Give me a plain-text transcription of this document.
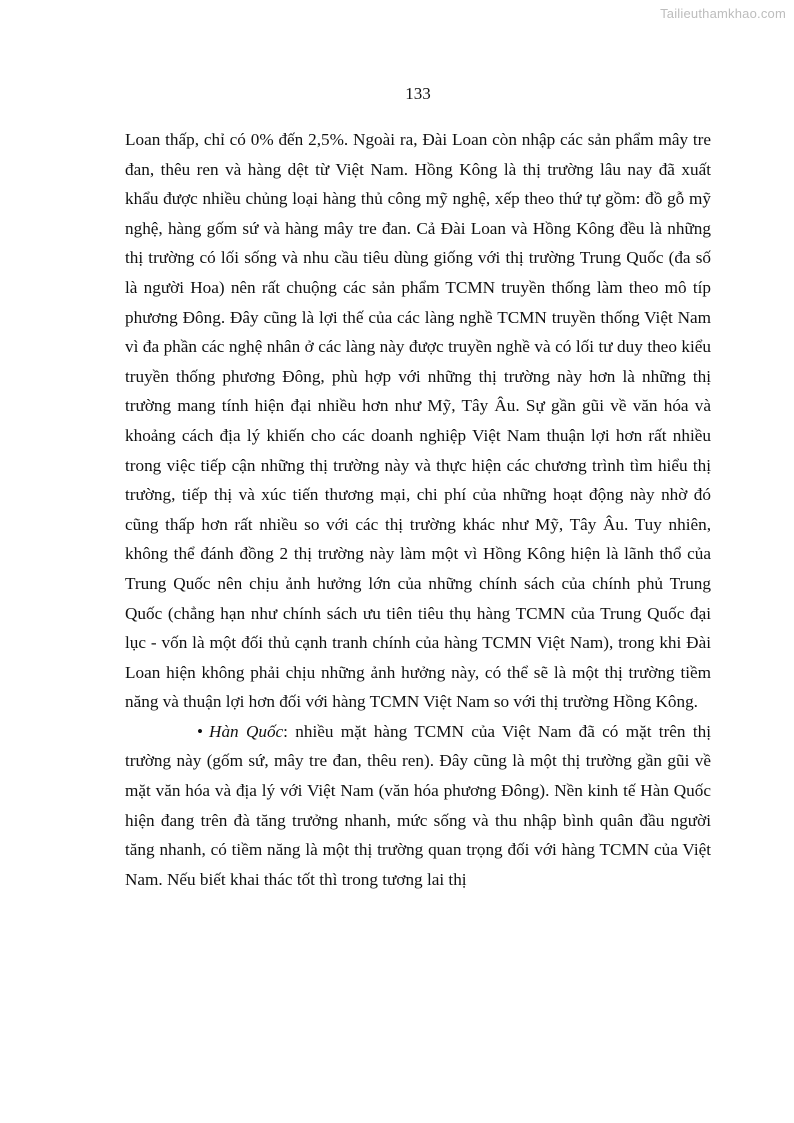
Tailieuthamkhao.com
133

Loan thấp, chỉ có 0% đến 2,5%. Ngoài ra, Đài Loan còn nhập các sản phẩm mây tre đan, thêu ren và hàng dệt từ Việt Nam. Hồng Kông là thị trường lâu nay đã xuất khẩu được nhiều chủng loại hàng thủ công mỹ nghệ, xếp theo thứ tự gồm: đồ gỗ mỹ nghệ, hàng gốm sứ và hàng mây tre đan. Cả Đài Loan và Hồng Kông đều là những thị trường có lối sống và nhu cầu tiêu dùng giống với thị trường Trung Quốc (đa số là người Hoa) nên rất chuộng các sản phẩm TCMN truyền thống làm theo mô típ phương Đông. Đây cũng là lợi thế của các làng nghề TCMN truyền thống Việt Nam vì đa phần các nghệ nhân ở các làng này được truyền nghề và có lối tư duy theo kiểu truyền thống phương Đông, phù hợp với những thị trường này hơn là những thị trường mang tính hiện đại nhiều hơn như Mỹ, Tây Âu. Sự gần gũi về văn hóa và khoảng cách địa lý khiến cho các doanh nghiệp Việt Nam thuận lợi hơn rất nhiều trong việc tiếp cận những thị trường này và thực hiện các chương trình tìm hiểu thị trường, tiếp thị và xúc tiến thương mại, chi phí của những hoạt động này nhờ đó cũng thấp hơn rất nhiều so với các thị trường khác như Mỹ, Tây Âu. Tuy nhiên, không thể đánh đồng 2 thị trường này làm một vì Hồng Kông hiện là lãnh thổ của Trung Quốc nên chịu ảnh hưởng lớn của những chính sách của chính phủ Trung Quốc (chẳng hạn như chính sách ưu tiên tiêu thụ hàng TCMN của Trung Quốc đại lục - vốn là một đối thủ cạnh tranh chính của hàng TCMN Việt Nam), trong khi Đài Loan hiện không phải chịu những ảnh hưởng này, có thể sẽ là một thị trường tiềm năng và thuận lợi hơn đối với hàng TCMN Việt Nam so với thị trường Hồng Kông.

• Hàn Quốc: nhiều mặt hàng TCMN của Việt Nam đã có mặt trên thị trường này (gốm sứ, mây tre đan, thêu ren). Đây cũng là một thị trường gần gũi về mặt văn hóa và địa lý với Việt Nam (văn hóa phương Đông). Nền kinh tế Hàn Quốc hiện đang trên đà tăng trưởng nhanh, mức sống và thu nhập bình quân đầu người tăng nhanh, có tiềm năng là một thị trường quan trọng đối với hàng TCMN của Việt Nam. Nếu biết khai thác tốt thì trong tương lai thị
